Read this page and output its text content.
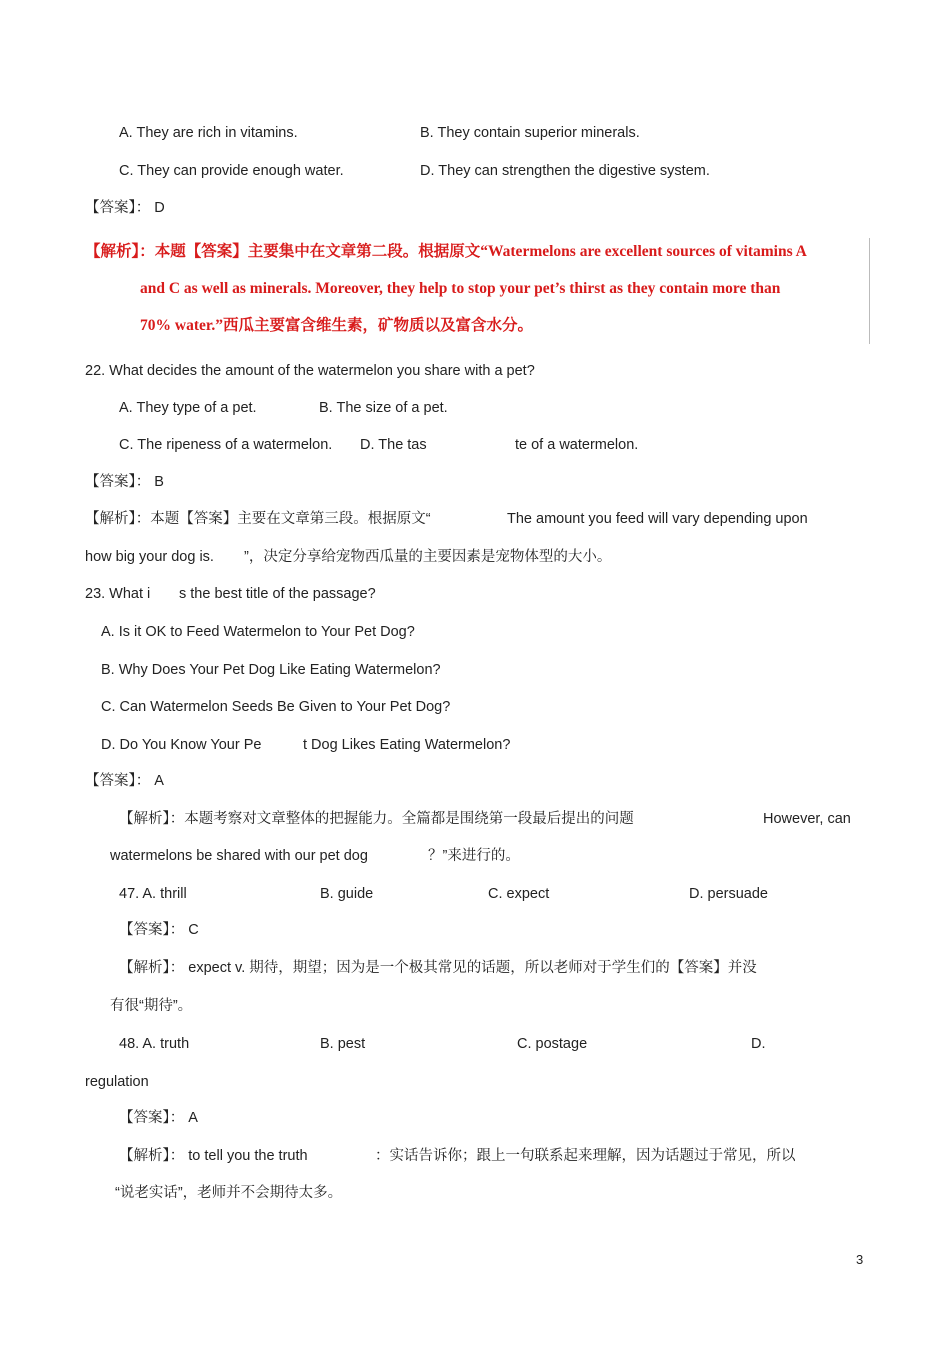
A. They are rich in vitamins.	B. They contain superior minerals.
C. They can provide enough water.	D. They can strengthen the digestive system.
【答案】： D
【解析】：本题【答案】主要集中在文章第二段。根据原文“Watermelons are excellent sources of vitamins A
and C as well as minerals. Moreover, they help to stop your pet’s thirst as they contain more than
70% water.”西瓜主要富含维生素，矿物质以及富含水分。
22. What decides the amount of the watermelon you share with a pet?
A. They type of a pet.	B. The size of a pet.
C. The ripeness of a watermelon. D. The tas	te of a watermelon.
【答案】： B
【解析】：本题【答案】主要在文章第三段。根据原文“	The amount you feed will vary depending upon
how big your dog is. ”，决定分享给宠物西瓜量的主要因素是宠物体型的大小。
23. What i s the best title of the passage?
A. Is it OK to Feed Watermelon to Your Pet Dog?
B. Why Does Your Pet Dog Like Eating Watermelon?
C. Can Watermelon Seeds Be Given to Your Pet Dog?
D. Do You Know Your Pe	t Dog Likes Eating Watermelon?
【答案】： A
【解析】：本题考察对文章整体的把握能力。全篇都是围绕第一段最后提出的问题	However, can
watermelons be shared with our pet dog	？”来进行的。
47. A. thrill	B. guide	C. expect	D. persuade
【答案】： C
【解析】： expect v. 期待，期望；因为是一个极其常见的话题，所以老师对于学生们的【答案】并没
有很“期待”。
48. A. truth	B. pest	C. postage	D.
regulation
【答案】： A
【解析】： to tell you the truth	：实话告诉你；跟上一句联系起来理解，因为话题过于常见，所以
“说老实话”，老师并不会期待太多。
3
